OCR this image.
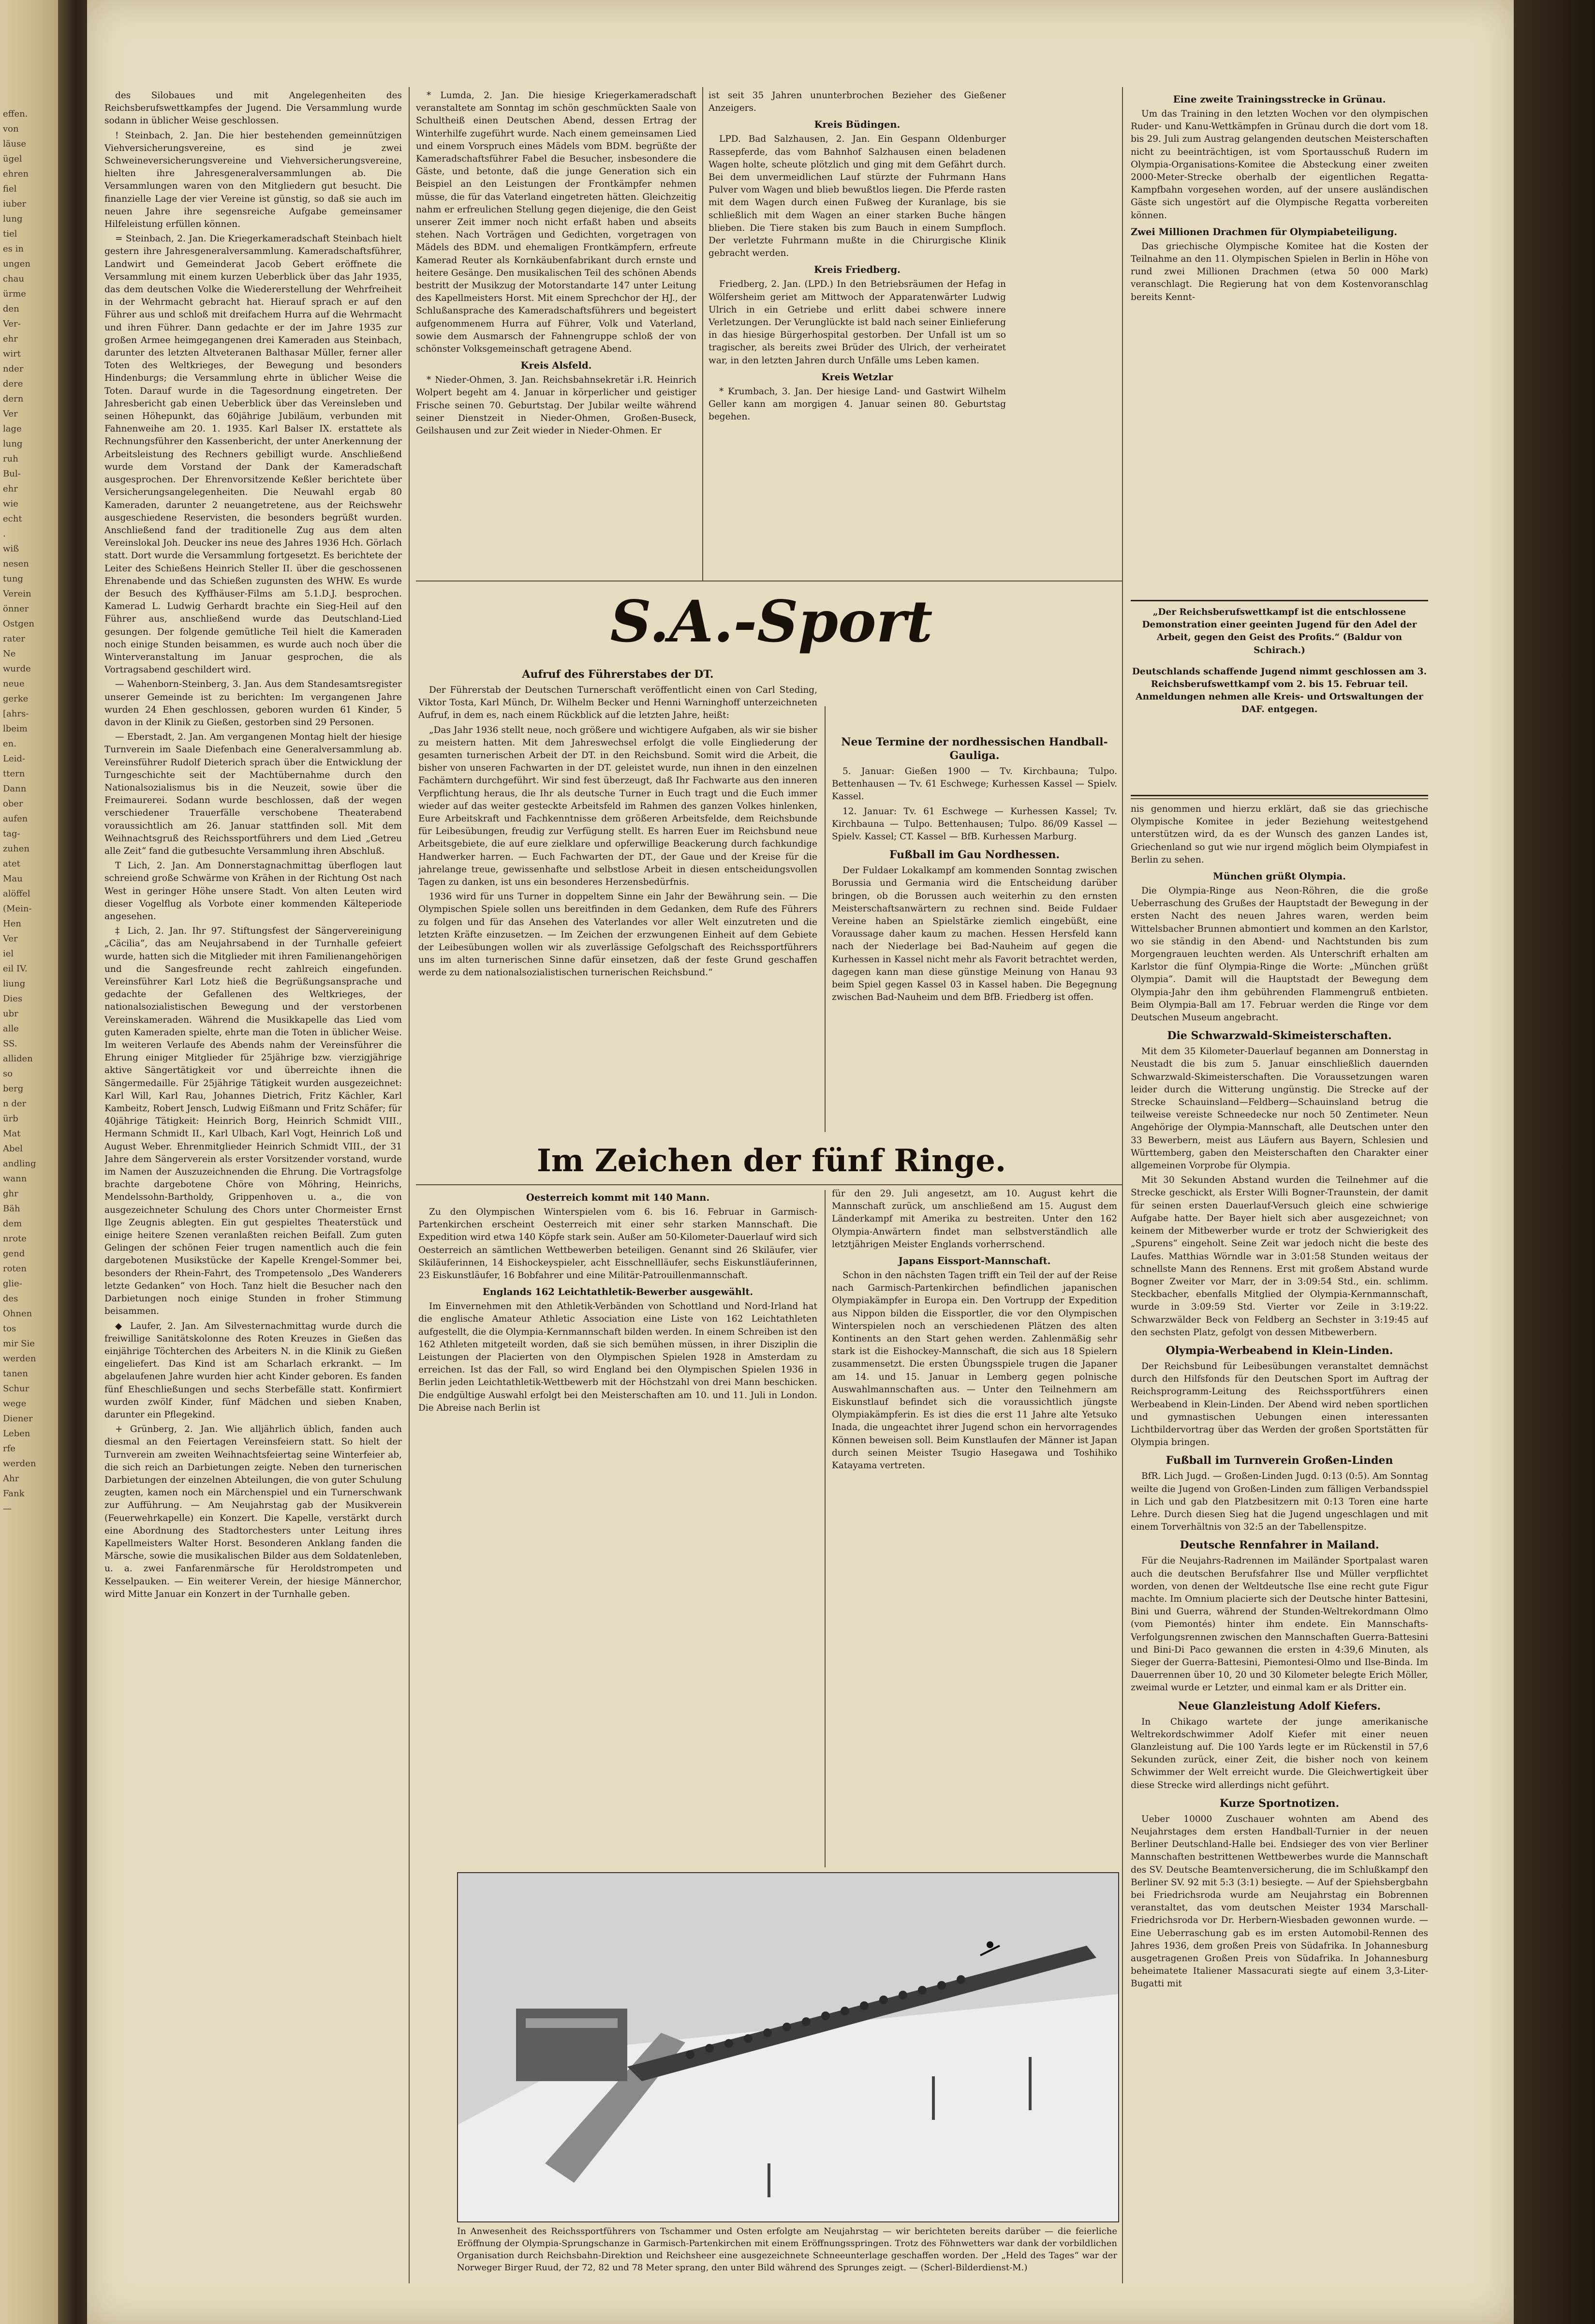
effen.
von
läuse
ügel
ehren
fiel
iuber
lung
tiel
es in
ungen
chau
ürme
den
Ver-
ehr
wirt
nder
dere
dern
Ver
lage
lung
ruh
Bul-
ehr
wie
echt
.
wiß
nesen
tung
Verein
önner
Ostgen
rater
Ne
wurde
neue
gerke
[ahrs-
lbeim
en.
Leid-
ttern
Dann
ober
aufen
tag-
zuhen
atet
Mau
alöffel
(Mein-
Hen
Ver
iel
eil IV.
liung
Dies
ubr
alle
SS.
alliden
so
berg
n der
ürb
Mat
Abel
andling
wann
ghr
Bäh
dem
nrote
gend
roten
glie-
des
Ohnen
tos
mir Sie
werden
tanen
Schur
wege
Diener
Leben
rfe
werden
Ahr
Fank
—

des Silobaues und mit Angelegenheiten des Reichsberufswettkampfes der Jugend. Die Versammlung wurde sodann in üblicher Weise geschlossen.

! Steinbach, 2. Jan. Die hier bestehenden gemeinnützigen Viehversicherungsvereine, es sind je zwei Schweineversicherungsvereine und Viehversicherungsvereine, hielten ihre Jahresgeneralversammlungen ab. Die Versammlungen waren von den Mitgliedern gut besucht. Die finanzielle Lage der vier Vereine ist günstig, so daß sie auch im neuen Jahre ihre segensreiche Aufgabe gemeinsamer Hilfeleistung erfüllen können.

= Steinbach, 2. Jan. Die Kriegerkameradschaft Steinbach hielt gestern ihre Jahresgeneralversammlung. Kameradschaftsführer, Landwirt und Gemeinderat Jacob Gebert eröffnete die Versammlung mit einem kurzen Ueberblick über das Jahr 1935, das dem deutschen Volke die Wiedererstellung der Wehrfreiheit in der Wehrmacht gebracht hat. Hierauf sprach er auf den Führer aus und schloß mit dreifachem Hurra auf die Wehrmacht und ihren Führer. Dann gedachte er der im Jahre 1935 zur großen Armee heimgegangenen drei Kameraden aus Steinbach, darunter des letzten Altveteranen Balthasar Müller, ferner aller Toten des Weltkrieges, der Bewegung und besonders Hindenburgs; die Versammlung ehrte in üblicher Weise die Toten. Darauf wurde in die Tagesordnung eingetreten. Der Jahresbericht gab einen Ueberblick über das Vereinsleben und seinen Höhepunkt, das 60jährige Jubiläum, verbunden mit Fahnenweihe am 20. 1. 1935. Karl Balser IX. erstattete als Rechnungsführer den Kassenbericht, der unter Anerkennung der Arbeitsleistung des Rechners gebilligt wurde. Anschließend wurde dem Vorstand der Dank der Kameradschaft ausgesprochen. Der Ehrenvorsitzende Keßler berichtete über Versicherungsangelegenheiten. Die Neuwahl ergab 80 Kameraden, darunter 2 neuangetretene, aus der Reichswehr ausgeschiedene Reservisten, die besonders begrüßt wurden. Anschließend fand der traditionelle Zug aus dem alten Vereinslokal Joh. Deucker ins neue des Jahres 1936 Hch. Görlach statt. Dort wurde die Versammlung fortgesetzt. Es berichtete der Leiter des Schießens Heinrich Steller II. über die geschossenen Ehrenabende und das Schießen zugunsten des WHW. Es wurde der Besuch des Kyffhäuser-Films am 5.1.D.J. besprochen. Kamerad L. Ludwig Gerhardt brachte ein Sieg-Heil auf den Führer aus, anschließend wurde das Deutschland-Lied gesungen. Der folgende gemütliche Teil hielt die Kameraden noch einige Stunden beisammen, es wurde auch noch über die Winterveranstaltung im Januar gesprochen, die als Vortragsabend geschildert wird.

— Wahenborn-Steinberg, 3. Jan. Aus dem Standesamtsregister unserer Gemeinde ist zu berichten: Im vergangenen Jahre wurden 24 Ehen geschlossen, geboren wurden 61 Kinder, 5 davon in der Klinik zu Gießen, gestorben sind 29 Personen.

— Eberstadt, 2. Jan. Am vergangenen Montag hielt der hiesige Turnverein im Saale Diefenbach eine Generalversammlung ab. Vereinsführer Rudolf Dieterich sprach über die Entwicklung der Turngeschichte seit der Machtübernahme durch den Nationalsozialismus bis in die Neuzeit, sowie über die Freimaurerei. Sodann wurde beschlossen, daß der wegen verschiedener Trauerfälle verschobene Theaterabend voraussichtlich am 26. Januar stattfinden soll. Mit dem Weihnachtsgruß des Reichssportführers und dem Lied „Getreu alle Zeit“ fand die gutbesuchte Versammlung ihren Abschluß.

T Lich, 2. Jan. Am Donnerstagnachmittag überflogen laut schreiend große Schwärme von Krähen in der Richtung Ost nach West in geringer Höhe unsere Stadt. Von alten Leuten wird dieser Vogelflug als Vorbote einer kommenden Kälteperiode angesehen.

‡ Lich, 2. Jan. Ihr 97. Stiftungsfest der Sängervereinigung „Cäcilia“, das am Neujahrsabend in der Turnhalle gefeiert wurde, hatten sich die Mitglieder mit ihren Familienangehörigen und die Sangesfreunde recht zahlreich eingefunden. Vereinsführer Karl Lotz hieß die Begrüßungsansprache und gedachte der Gefallenen des Weltkrieges, der nationalsozialistischen Bewegung und der verstorbenen Vereinskameraden. Während die Musikkapelle das Lied vom guten Kameraden spielte, ehrte man die Toten in üblicher Weise. Im weiteren Verlaufe des Abends nahm der Vereinsführer die Ehrung einiger Mitglieder für 25jährige bzw. vierzigjährige aktive Sängertätigkeit vor und überreichte ihnen die Sängermedaille. Für 25jährige Tätigkeit wurden ausgezeichnet: Karl Will, Karl Rau, Johannes Dietrich, Fritz Kächler, Karl Kambeitz, Robert Jensch, Ludwig Eißmann und Fritz Schäfer; für 40jährige Tätigkeit: Heinrich Borg, Heinrich Schmidt VIII., Hermann Schmidt II., Karl Ulbach, Karl Vogt, Heinrich Loß und August Weber. Ehrenmitglieder Heinrich Schmidt VIII., der 31 Jahre dem Sängerverein als erster Vorsitzender vorstand, wurde im Namen der Auszuzeichnenden die Ehrung. Die Vortragsfolge brachte dargebotene Chöre von Möhring, Heinrichs, Mendelssohn-Bartholdy, Grippenhoven u. a., die von ausgezeichneter Schulung des Chors unter Chormeister Ernst Ilge Zeugnis ablegten. Ein gut gespieltes Theaterstück und einige heitere Szenen veranlaßten reichen Beifall. Zum guten Gelingen der schönen Feier trugen namentlich auch die fein dargebotenen Musikstücke der Kapelle Krengel-Sommer bei, besonders der Rhein-Fahrt, des Trompetensolo „Des Wanderers letzte Gedanken“ von Hoch. Tanz hielt die Besucher nach den Darbietungen noch einige Stunden in froher Stimmung beisammen.

◆ Laufer, 2. Jan. Am Silvesternachmittag wurde durch die freiwillige Sanitätskolonne des Roten Kreuzes in Gießen das einjährige Töchterchen des Arbeiters N. in die Klinik zu Gießen eingeliefert. Das Kind ist am Scharlach erkrankt. — Im abgelaufenen Jahre wurden hier acht Kinder geboren. Es fanden fünf Eheschließungen und sechs Sterbefälle statt. Konfirmiert wurden zwölf Kinder, fünf Mädchen und sieben Knaben, darunter ein Pflegekind.

+ Grünberg, 2. Jan. Wie alljährlich üblich, fanden auch diesmal an den Feiertagen Vereinsfeiern statt. So hielt der Turnverein am zweiten Weihnachtsfeiertag seine Winterfeier ab, die sich reich an Darbietungen zeigte. Neben den turnerischen Darbietungen der einzelnen Abteilungen, die von guter Schulung zeugten, kamen noch ein Märchenspiel und ein Turnerschwank zur Aufführung. — Am Neujahrstag gab der Musikverein (Feuerwehrkapelle) ein Konzert. Die Kapelle, verstärkt durch eine Abordnung des Stadtorchesters unter Leitung ihres Kapellmeisters Walter Horst. Besonderen Anklang fanden die Märsche, sowie die musikalischen Bilder aus dem Soldatenleben, u. a. zwei Fanfarenmärsche für Heroldstrompeten und Kesselpauken. — Ein weiterer Verein, der hiesige Männerchor, wird Mitte Januar ein Konzert in der Turnhalle geben.

* Lumda, 2. Jan. Die hiesige Kriegerkameradschaft veranstaltete am Sonntag im schön geschmückten Saale von Schultheiß einen Deutschen Abend, dessen Ertrag der Winterhilfe zugeführt wurde. Nach einem gemeinsamen Lied und einem Vorspruch eines Mädels vom BDM. begrüßte der Kameradschaftsführer Fabel die Besucher, insbesondere die Gäste, und betonte, daß die junge Generation sich ein Beispiel an den Leistungen der Frontkämpfer nehmen müsse, die für das Vaterland eingetreten hätten. Gleichzeitig nahm er erfreulichen Stellung gegen diejenige, die den Geist unserer Zeit immer noch nicht erfaßt haben und abseits stehen. Nach Vorträgen und Gedichten, vorgetragen von Mädels des BDM. und ehemaligen Frontkämpfern, erfreute Kamerad Reuter als Kornkäubenfabrikant durch ernste und heitere Gesänge. Den musikalischen Teil des schönen Abends bestritt der Musikzug der Motorstandarte 147 unter Leitung des Kapellmeisters Horst. Mit einem Sprechchor der HJ., der Schlußansprache des Kameradschaftsführers und begeistert aufgenommenem Hurra auf Führer, Volk und Vaterland, sowie dem Ausmarsch der Fahnengruppe schloß der von schönster Volksgemeinschaft getragene Abend.

Kreis Alsfeld.

* Nieder-Ohmen, 3. Jan. Reichsbahnsekretär i.R. Heinrich Wolpert begeht am 4. Januar in körperlicher und geistiger Frische seinen 70. Geburtstag. Der Jubilar weilte während seiner Dienstzeit in Nieder-Ohmen, Großen-Buseck, Geilshausen und zur Zeit wieder in Nieder-Ohmen. Er

ist seit 35 Jahren ununterbrochen Bezieher des Gießener Anzeigers.

Kreis Büdingen.

LPD. Bad Salzhausen, 2. Jan. Ein Gespann Oldenburger Rassepferde, das vom Bahnhof Salzhausen einen beladenen Wagen holte, scheute plötzlich und ging mit dem Gefährt durch. Bei dem unvermeidlichen Lauf stürzte der Fuhrmann Hans Pulver vom Wagen und blieb bewußtlos liegen. Die Pferde rasten mit dem Wagen durch einen Fußweg der Kuranlage, bis sie schließlich mit dem Wagen an einer starken Buche hängen blieben. Die Tiere staken bis zum Bauch in einem Sumpfloch. Der verletzte Fuhrmann mußte in die Chirurgische Klinik gebracht werden.

Kreis Friedberg.

Friedberg, 2. Jan. (LPD.) In den Betriebsräumen der Hefag in Wölfersheim geriet am Mittwoch der Apparatenwärter Ludwig Ulrich in ein Getriebe und erlitt dabei schwere innere Verletzungen. Der Verunglückte ist bald nach seiner Einlieferung in das hiesige Bürgerhospital gestorben. Der Unfall ist um so tragischer, als bereits zwei Brüder des Ulrich, der verheiratet war, in den letzten Jahren durch Unfälle ums Leben kamen.

Kreis Wetzlar

* Krumbach, 3. Jan. Der hiesige Land- und Gastwirt Wilhelm Geller kann am morgigen 4. Januar seinen 80. Geburtstag begehen.

Eine zweite Trainingsstrecke in Grünau.

Um das Training in den letzten Wochen vor den olympischen Ruder- und Kanu-Wettkämpfen in Grünau durch die dort vom 18. bis 29. Juli zum Austrag gelangenden deutschen Meisterschaften nicht zu beeinträchtigen, ist vom Sportausschuß Rudern im Olympia-Organisations-Komitee die Absteckung einer zweiten 2000-Meter-Strecke oberhalb der eigentlichen Regatta-Kampfbahn vorgesehen worden, auf der unsere ausländischen Gäste sich ungestört auf die Olympische Regatta vorbereiten können.

Zwei Millionen Drachmen für Olympiabeteiligung.

Das griechische Olympische Komitee hat die Kosten der Teilnahme an den 11. Olympischen Spielen in Berlin in Höhe von rund zwei Millionen Drachmen (etwa 50 000 Mark) veranschlagt. Die Regierung hat von dem Kostenvoranschlag bereits Kennt-

„Der Reichsberufswettkampf ist die entschlossene Demonstration einer geeinten Jugend für den Adel der Arbeit, gegen den Geist des Profits.“ (Baldur von Schirach.)

Deutschlands schaffende Jugend nimmt geschlossen am 3. Reichsberufswettkampf vom 2. bis 15. Februar teil. Anmeldungen nehmen alle Kreis- und Ortswaltungen der DAF. entgegen.

S.A.-Sport
Aufruf des Führerstabes der DT.

Der Führerstab der Deutschen Turnerschaft veröffentlicht einen von Carl Steding, Viktor Tosta, Karl Münch, Dr. Wilhelm Becker und Henni Warninghoff unterzeichneten Aufruf, in dem es, nach einem Rückblick auf die letzten Jahre, heißt:

„Das Jahr 1936 stellt neue, noch größere und wichtigere Aufgaben, als wir sie bisher zu meistern hatten. Mit dem Jahreswechsel erfolgt die volle Eingliederung der gesamten turnerischen Arbeit der DT. in den Reichsbund. Somit wird die Arbeit, die bisher von unseren Fachwarten in der DT. geleistet wurde, nun ihnen in den einzelnen Fachämtern durchgeführt. Wir sind fest überzeugt, daß Ihr Fachwarte aus den inneren Verpflichtung heraus, die Ihr als deutsche Turner in Euch tragt und die Euch immer wieder auf das weiter gesteckte Arbeitsfeld im Rahmen des ganzen Volkes hinlenken, Eure Arbeitskraft und Fachkenntnisse dem größeren Arbeitsfelde, dem Reichsbunde für Leibesübungen, freudig zur Verfügung stellt. Es harren Euer im Reichsbund neue Arbeitsgebiete, die auf eure zielklare und opferwillige Beackerung durch fachkundige Handwerker harren. — Euch Fachwarten der DT., der Gaue und der Kreise für die jahrelange treue, gewissenhafte und selbstlose Arbeit in diesen entscheidungsvollen Tagen zu danken, ist uns ein besonderes Herzensbedürfnis.

1936 wird für uns Turner in doppeltem Sinne ein Jahr der Bewährung sein. — Die Olympischen Spiele sollen uns bereitfinden in dem Gedanken, dem Rufe des Führers zu folgen und für das Ansehen des Vaterlandes vor aller Welt einzutreten und die letzten Kräfte einzusetzen. — Im Zeichen der erzwungenen Einheit auf dem Gebiete der Leibesübungen wollen wir als zuverlässige Gefolgschaft des Reichssportführers uns im alten turnerischen Sinne dafür einsetzen, daß der feste Grund geschaffen werde zu dem nationalsozialistischen turnerischen Reichsbund.“

Neue Termine der nordhessischen Handball-Gauliga.

5. Januar: Gießen 1900 — Tv. Kirchbauna; Tulpo. Bettenhausen — Tv. 61 Eschwege; Kurhessen Kassel — Spielv. Kassel.

12. Januar: Tv. 61 Eschwege — Kurhessen Kassel; Tv. Kirchbauna — Tulpo. Bettenhausen; Tulpo. 86/09 Kassel — Spielv. Kassel; CT. Kassel — BfB. Kurhessen Marburg.

Fußball im Gau Nordhessen.

Der Fuldaer Lokalkampf am kommenden Sonntag zwischen Borussia und Germania wird die Entscheidung darüber bringen, ob die Borussen auch weiterhin zu den ernsten Meisterschaftsanwärtern zu rechnen sind. Beide Fuldaer Vereine haben an Spielstärke ziemlich eingebüßt, eine Voraussage daher kaum zu machen. Hessen Hersfeld kann nach der Niederlage bei Bad-Nauheim auf gegen die Kurhessen in Kassel nicht mehr als Favorit betrachtet werden, dagegen kann man diese günstige Meinung von Hanau 93 beim Spiel gegen Kassel 03 in Kassel haben. Die Begegnung zwischen Bad-Nauheim und dem BfB. Friedberg ist offen.

Im Zeichen der fünf Ringe.
Oesterreich kommt mit 140 Mann.

Zu den Olympischen Winterspielen vom 6. bis 16. Februar in Garmisch-Partenkirchen erscheint Oesterreich mit einer sehr starken Mannschaft. Die Expedition wird etwa 140 Köpfe stark sein. Außer am 50-Kilometer-Dauerlauf wird sich Oesterreich an sämtlichen Wettbewerben beteiligen. Genannt sind 26 Skiläufer, vier Skiläuferinnen, 14 Eishockeyspieler, acht Eisschnellläufer, sechs Eiskunstläuferinnen, 23 Eiskunstläufer, 16 Bobfahrer und eine Militär-Patrouillenmannschaft.

Englands 162 Leichtathletik-Bewerber ausgewählt.

Im Einvernehmen mit den Athletik-Verbänden von Schottland und Nord-Irland hat die englische Amateur Athletic Association eine Liste von 162 Leichtathleten aufgestellt, die die Olympia-Kernmannschaft bilden werden. In einem Schreiben ist den 162 Athleten mitgeteilt worden, daß sie sich bemühen müssen, in ihrer Disziplin die Leistungen der Placierten von den Olympischen Spielen 1928 in Amsterdam zu erreichen. Ist das der Fall, so wird England bei den Olympischen Spielen 1936 in Berlin jeden Leichtathletik-Wettbewerb mit der Höchstzahl von drei Mann beschicken. Die endgültige Auswahl erfolgt bei den Meisterschaften am 10. und 11. Juli in London. Die Abreise nach Berlin ist

für den 29. Juli angesetzt, am 10. August kehrt die Mannschaft zurück, um anschließend am 15. August dem Länderkampf mit Amerika zu bestreiten. Unter den 162 Olympia-Anwärtern findet man selbstverständlich alle letztjährigen Meister Englands vorherrschend.

Japans Eissport-Mannschaft.

Schon in den nächsten Tagen trifft ein Teil der auf der Reise nach Garmisch-Partenkirchen befindlichen japanischen Olympiakämpfer in Europa ein. Den Vortrupp der Expedition aus Nippon bilden die Eissportler, die vor den Olympischen Winterspielen noch an verschiedenen Plätzen des alten Kontinents an den Start gehen werden. Zahlenmäßig sehr stark ist die Eishockey-Mannschaft, die sich aus 18 Spielern zusammensetzt. Die ersten Übungsspiele trugen die Japaner am 14. und 15. Januar in Lemberg gegen polnische Auswahlmannschaften aus. — Unter den Teilnehmern am Eiskunstlauf befindet sich die voraussichtlich jüngste Olympiakämpferin. Es ist dies die erst 11 Jahre alte Yetsuko Inada, die ungeachtet ihrer Jugend schon ein hervorragendes Können beweisen soll. Beim Kunstlaufen der Männer ist Japan durch seinen Meister Tsugio Hasegawa und Toshihiko Katayama vertreten.

In Anwesenheit des Reichssportführers von Tschammer und Osten erfolgte am Neujahrstag — wir berichteten bereits darüber — die feierliche Eröffnung der Olympia-Sprungschanze in Garmisch-Partenkirchen mit einem Eröffnungsspringen. Trotz des Föhnwetters war dank der vorbildlichen Organisation durch Reichsbahn-Direktion und Reichsheer eine ausgezeichnete Schneeunterlage geschaffen worden. Der „Held des Tages“ war der Norweger Birger Ruud, der 72, 82 und 78 Meter sprang, den unter Bild während des Sprunges zeigt. — (Scherl-Bilderdienst-M.)

nis genommen und hierzu erklärt, daß sie das griechische Olympische Komitee in jeder Beziehung weitestgehend unterstützen wird, da es der Wunsch des ganzen Landes ist, Griechenland so gut wie nur irgend möglich beim Olympiafest in Berlin zu sehen.

München grüßt Olympia.

Die Olympia-Ringe aus Neon-Röhren, die die große Ueberraschung des Grußes der Hauptstadt der Bewegung in der ersten Nacht des neuen Jahres waren, werden beim Wittelsbacher Brunnen abmontiert und kommen an den Karlstor, wo sie ständig in den Abend- und Nachtstunden bis zum Morgengrauen leuchten werden. Als Unterschrift erhalten am Karlstor die fünf Olympia-Ringe die Worte: „München grüßt Olympia“. Damit will die Hauptstadt der Bewegung dem Olympia-Jahr den ihm gebührenden Flammengruß entbieten. Beim Olympia-Ball am 17. Februar werden die Ringe vor dem Deutschen Museum angebracht.

Die Schwarzwald-Skimeisterschaften.

Mit dem 35 Kilometer-Dauerlauf begannen am Donnerstag in Neustadt die bis zum 5. Januar einschließlich dauernden Schwarzwald-Skimeisterschaften. Die Voraussetzungen waren leider durch die Witterung ungünstig. Die Strecke auf der Strecke Schauinsland—Feldberg—Schauinsland betrug die teilweise vereiste Schneedecke nur noch 50 Zentimeter. Neun Angehörige der Olympia-Mannschaft, alle Deutschen unter den 33 Bewerbern, meist aus Läufern aus Bayern, Schlesien und Württemberg, gaben den Meisterschaften den Charakter einer allgemeinen Vorprobe für Olympia.

Mit 30 Sekunden Abstand wurden die Teilnehmer auf die Strecke geschickt, als Erster Willi Bogner-Traunstein, der damit für seinen ersten Dauerlauf-Versuch gleich eine schwierige Aufgabe hatte. Der Bayer hielt sich aber ausgezeichnet; von keinem der Mitbewerber wurde er trotz der Schwierigkeit des „Spurens“ eingeholt. Seine Zeit war jedoch nicht die beste des Laufes. Matthias Wörndle war in 3:01:58 Stunden weitaus der schnellste Mann des Rennens. Erst mit großem Abstand wurde Bogner Zweiter vor Marr, der in 3:09:54 Std., ein. schlimm. Steckbacher, ebenfalls Mitglied der Olympia-Kernmannschaft, wurde in 3:09:59 Std. Vierter vor Zeile in 3:19:22. Schwarzwälder Beck von Feldberg an Sechster in 3:19:45 auf den sechsten Platz, gefolgt von dessen Mitbewerbern.

Olympia-Werbeabend in Klein-Linden.

Der Reichsbund für Leibesübungen veranstaltet demnächst durch den Hilfsfonds für den Deutschen Sport im Auftrag der Reichsprogramm-Leitung des Reichssportführers einen Werbeabend in Klein-Linden. Der Abend wird neben sportlichen und gymnastischen Uebungen einen interessanten Lichtbildervortrag über das Werden der großen Sportstätten für Olympia bringen.

Fußball im Turnverein Großen-Linden

BfR. Lich Jugd. — Großen-Linden Jugd. 0:13 (0:5). Am Sonntag weilte die Jugend von Großen-Linden zum fälligen Verbandsspiel in Lich und gab den Platzbesitzern mit 0:13 Toren eine harte Lehre. Durch diesen Sieg hat die Jugend ungeschlagen und mit einem Torverhältnis von 32:5 an der Tabellenspitze.

Deutsche Rennfahrer in Mailand.

Für die Neujahrs-Radrennen im Mailänder Sportpalast waren auch die deutschen Berufsfahrer Ilse und Müller verpflichtet worden, von denen der Weltdeutsche Ilse eine recht gute Figur machte. Im Omnium placierte sich der Deutsche hinter Battesini, Bini und Guerra, während der Stunden-Weltrekordmann Olmo (vom Piemontés) hinter ihm endete. Ein Mannschafts-Verfolgungsrennen zwischen den Mannschaften Guerra-Battesini und Bini-Di Paco gewannen die ersten in 4:39,6 Minuten, als Sieger der Guerra-Battesini, Piemontesi-Olmo und Ilse-Binda. Im Dauerrennen über 10, 20 und 30 Kilometer belegte Erich Möller, zweimal wurde er Letzter, und einmal kam er als Dritter ein.

Neue Glanzleistung Adolf Kiefers.

In Chikago wartete der junge amerikanische Weltrekordschwimmer Adolf Kiefer mit einer neuen Glanzleistung auf. Die 100 Yards legte er im Rückenstil in 57,6 Sekunden zurück, einer Zeit, die bisher noch von keinem Schwimmer der Welt erreicht wurde. Die Gleichwertigkeit über diese Strecke wird allerdings nicht geführt.

Kurze Sportnotizen.

Ueber 10000 Zuschauer wohnten am Abend des Neujahrstages dem ersten Handball-Turnier in der neuen Berliner Deutschland-Halle bei. Endsieger des von vier Berliner Mannschaften bestrittenen Wettbewerbes wurde die Mannschaft des SV. Deutsche Beamtenversicherung, die im Schlußkampf den Berliner SV. 92 mit 5:3 (3:1) besiegte. — Auf der Spiehsbergbahn bei Friedrichsroda wurde am Neujahrstag ein Bobrennen veranstaltet, das vom deutschen Meister 1934 Marschall-Friedrichsroda vor Dr. Herbern-Wiesbaden gewonnen wurde. — Eine Ueberraschung gab es im ersten Automobil-Rennen des Jahres 1936, dem großen Preis von Südafrika. In Johannesburg ausgetragenen Großen Preis von Südafrika. In Johannesburg beheimatete Italiener Massacurati siegte auf einem 3,3-Liter-Bugatti mit
